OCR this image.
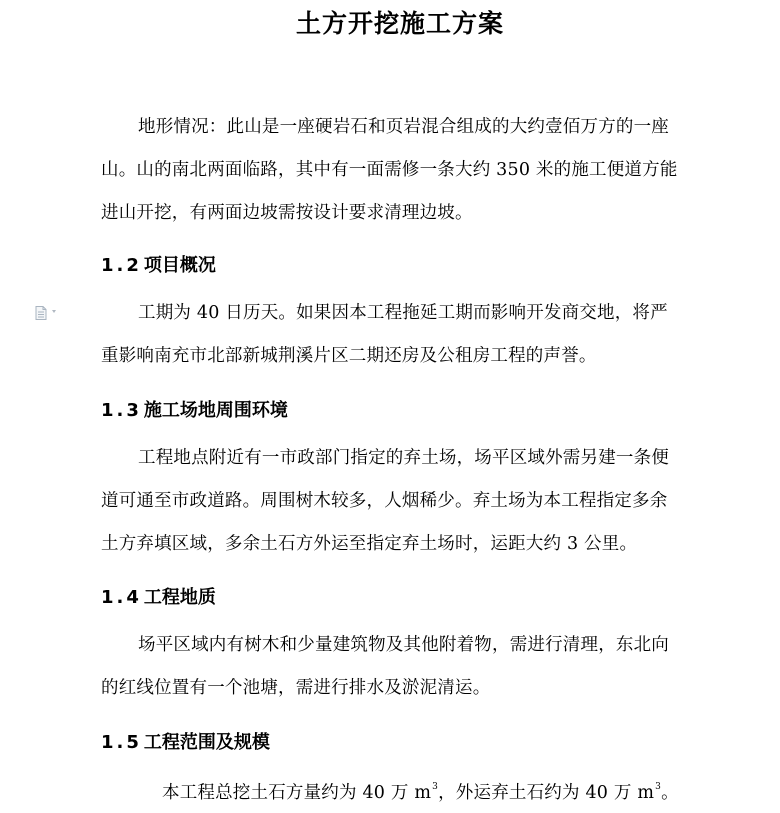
土方开挖施工方案
地形情况：此山是一座硬岩石和页岩混合组成的大约壹佰万方的一座
山。山的南北两面临路，其中有一面需修一条大约 350 米的施工便道方能
进山开挖，有两面边坡需按设计要求清理边坡。
1.2 项目概况
工期为 40 日历天。如果因本工程拖延工期而影响开发商交地，将严
重影响南充市北部新城荆溪片区二期还房及公租房工程的声誉。
1.3 施工场地周围环境
工程地点附近有一市政部门指定的弃土场，场平区域外需另建一条便
道可通至市政道路。周围树木较多，人烟稀少。弃土场为本工程指定多余
土方弃填区域，多余土石方外运至指定弃土场时，运距大约 3 公里。
1.4 工程地质
场平区域内有树木和少量建筑物及其他附着物，需进行清理，东北向
的红线位置有一个池塘，需进行排水及淤泥清运。
1.5 工程范围及规模
本工程总挖土石方量约为 40 万 $m^3$，外运弃土石约为 40 万 $m^3$。
